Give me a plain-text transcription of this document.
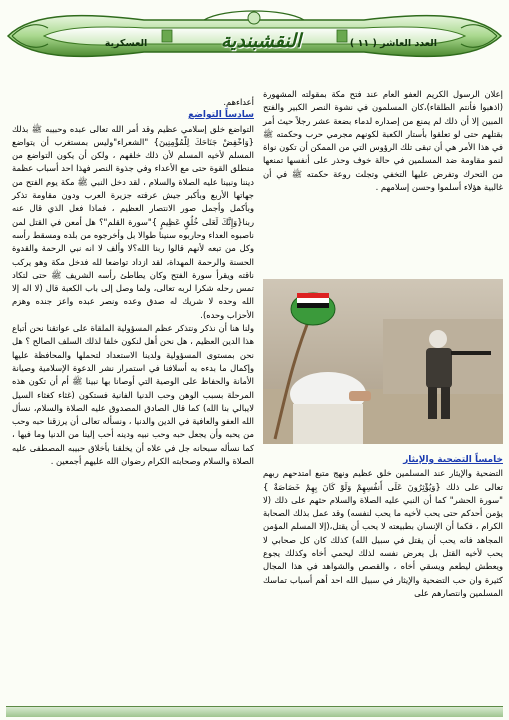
العدد العاشر ( ١١ )
النقشبندية
العسكرية

إعلان الرسول الكريم العفو العام عند فتح مكة بمقولته المشهورة (اذهبوا فأنتم الطلقاء)،كان المسلمون في نشوة النصر الكبير والفتح المبين إلا أن ذلك لم يمنع من إصداره لدماء بضعة عشر رجلاً حيث أمر بقتلهم حتى لو تعلقوا بأستار الكعبة لكونهم مجرمي حرب وحكمته ﷺ في هذا الأمر هي أن تبقى تلك الرؤوس التي من الممكن أن تكون نواة لنمو مقاومة ضد المسلمين في حالة خوف وحذر على أنفسها تمنعها من التحرك وتفرض عليها التخفي وتجلت روعة حكمته ﷺ في أن غالبية هؤلاء أسلموا وحسن إسلامهم .

خامساً التضحية والإيثار

التضحية والإيثار عند المسلمين خلق عظيم ونهج متبع امتدحهم ربهم تعالى على ذلك {وَيُؤْثِرُونَ عَلَى أَنفُسِهِمْ وَلَوْ كَانَ بِهِمْ خَصَاصَةٌ } "سورة الحشر" كما أن النبي عليه الصلاة والسلام حثهم على ذلك (لا يؤمن أحدكم حتى يحب لأخيه ما يحب لنفسه) وقد عمل بذلك الصحابة الكرام ، فكما أن الإنسان بطبيعته لا يحب أن يقتل،(إلا المسلم المؤمن المجاهد فانه يحب أن يقتل في سبيل الله) كذلك كان كل صحابي لا يحب لأخيه القتل بل يعرض نفسه لذلك ليحمي أخاه وكذلك يجوع ويعطش ليطعم ويسقي أخاه ، والقصص والشواهد في هذا المجال كثيرة وان حب التضحية والإيثار في سبيل الله احد أهم أسباب تماسك المسلمين وانتصارهم على

أعداءهم.

سادساً التواضع

التواضع خلق إسلامي عظيم وقد أمر الله تعالى عبده وحبيبه ﷺ بذلك {وَاخْفِضْ جَنَاحَكَ لِلْمُؤْمِنِينَ} "الشعراء"وليس بمستغرب أن يتواضع المسلم لأخيه المسلم لأن ذلك خلقهم ، ولكن أن يكون التواضع من منطلق القوة حتى مع الأعداء وفي جذوة النصر فهذا احد أسباب عظمة ديننا ونبينا عليه الصلاة والسلام ، لقد دخل النبي ﷺ مكة يوم الفتح من جهاتها الأربع وبأكبر جيش عرفته جزيرة العرب ودون مقاومة تذكر وبأكمل وأجمل صور الانتصار العظيم ، فماذا فعل الذي قال عنه ربنا{وَإِنَّكَ لَعَلى خُلُقٍ عَظِيمٍ }"سورة القلم"؟ هل أمعن في القتل لمن ناصبوه العداء وحاربوه سنينا طوالا بل وأخرجوه من بلده ومسقط رأسه وكل من تبعه لأنهم قالوا ربنا الله؟لا وألف لا انه نبي الرحمة والقدوة الحسنة والرحمة المهداة، لقد ازداد تواضعا لله فدخل مكة وهو يركب ناقته ويقرأ سورة الفتح وكان يطاطئ رأسه الشريف ﷺ حتى لتكاد تمس رحله شكرا لربه تعالى، ولما وصل إلى باب الكعبة قال (لا اله إلا الله وحده لا شريك له صدق وعده ونصر عبده واعز جنده وهزم الأحزاب وحده).

ولنا هنا أن نذكر ونتذكر عظم المسؤولية الملقاة على عواتقنا نحن أتباع هذا الدين العظيم ، هل نحن أهل لنكون خلفا لذلك السلف الصالح ؟ هل نحن بمستوى المسؤولية ولدينا الاستعداد لتحملها والمحافظة عليها وإكمال ما بدءه به أسلافنا في استمرار نشر الدعوة الإسلامية وصيانة الأمانة والحفاظ على الوصية التي أوصانا بها نبينا ﷺ أم أن تكون هذه المرحلة بسبب الوهن وحب الدنيا الفانية فستكون (غثاء كغثاء السيل لايبالي بنا الله) كما قال الصادق المصدوق عليه الصلاة والسلام، نسأل الله العفو والعافية في الدين والدنيا ، ونسأله تعالى أن يرزقنا حبه وحب من يحبه وأن يجعل حبه وحب نبيه ودينه أحب إلينا من الدنيا وما فيها ، كما نسأله سبحانه جل في علاه أن يخلقنا بأخلاق حبيبه المصطفى عليه الصلاة والسلام وصحابته الكرام رضوان الله عليهم أجمعين .
